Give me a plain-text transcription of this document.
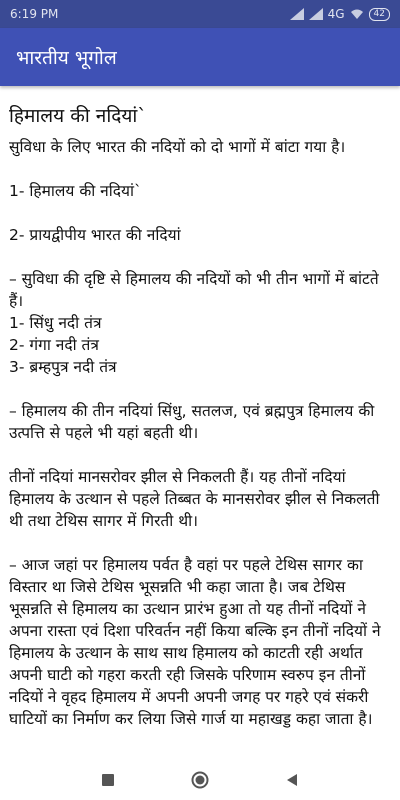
6:19 PM	4G	42
भारतीय भूगोल
हिमालय की नदियां`

सुविधा के लिए भारत की नदियों को दो भागों में बांटा गया है।

1- हिमालय की नदियां`

2- प्रायद्वीपीय भारत की नदियां

– सुविधा की दृष्टि से हिमालय की नदियों को भी तीन भागों में बांटते हैं।
1- सिंधु नदी तंत्र
2- गंगा नदी तंत्र
3- ब्रम्हपुत्र नदी तंत्र

– हिमालय की तीन नदियां सिंधु, सतलज, एवं ब्रह्मपुत्र हिमालय की उत्पत्ति से पहले भी यहां बहती थी।

तीनों नदियां मानसरोवर झील से निकलती हैं। यह तीनों नदियां हिमालय के उत्थान से पहले तिब्बत के मानसरोवर झील से निकलती थी तथा टेथिस सागर में गिरती थी।

– आज जहां पर हिमालय पर्वत है वहां पर पहले टेथिस सागर का विस्तार था जिसे टेथिस भूसन्नति भी कहा जाता है। जब टेथिस भूसन्नति से हिमालय का उत्थान प्रारंभ हुआ तो यह तीनों नदियों ने अपना रास्ता एवं दिशा परिवर्तन नहीं किया बल्कि इन तीनों नदियों ने हिमालय के उत्थान के साथ साथ हिमालय को काटती रही अर्थात अपनी घाटी को गहरा करती रही जिसके परिणाम स्वरुप इन तीनों नदियों ने वृहद हिमालय में अपनी अपनी जगह पर गहरे एवं संकरी घाटियों का निर्माण कर लिया जिसे गार्ज या महाखड्ड कहा जाता है।
